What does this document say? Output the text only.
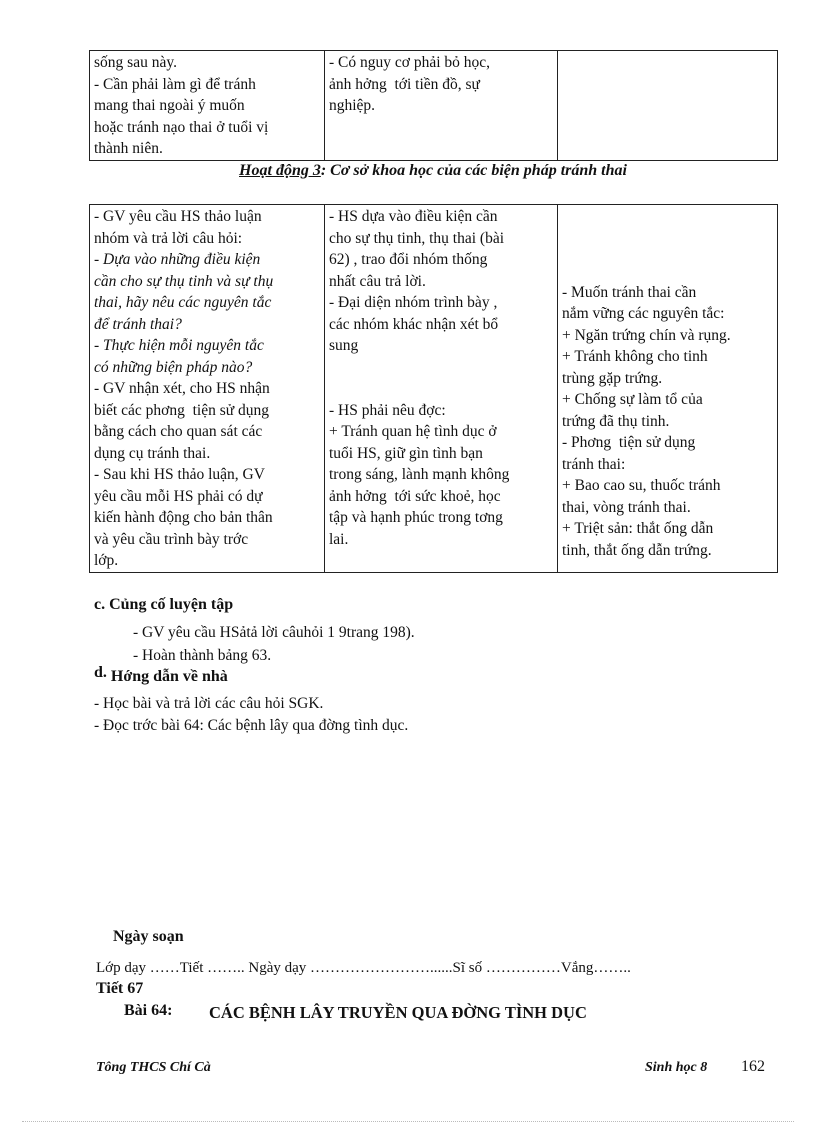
sống sau này.
- Cần phải làm gì để tránh
mang thai ngoài ý muốn
hoặc tránh nạo thai ở tuổi vị
thành niên.

- Có nguy cơ phải bỏ học,
ảnh hởng  tới tiền đồ, sự
nghiệp.

Hoạt động 3: Cơ sở khoa học của các biện pháp tránh thai
- GV yêu cầu HS thảo luận
nhóm và trả lời câu hỏi:
- Dựa vào những điều kiện
cần cho sự thụ tinh và sự thụ
thai, hãy nêu các nguyên tắc
để tránh thai?
- Thực hiện mỗi nguyên tắc
có những biện pháp nào?
- GV nhận xét, cho HS nhận
biết các phơng  tiện sử dụng
bằng cách cho quan sát các
dụng cụ tránh thai.
- Sau khi HS thảo luận, GV
yêu cầu mỗi HS phải có dự
kiến hành động cho bản thân
và yêu cầu trình bày trớc
lớp.

- HS dựa vào điều kiện cần
cho sự thụ tinh, thụ thai (bài
62) , trao đổi nhóm thống
nhất câu trả lời.
- Đại diện nhóm trình bày ,
các nhóm khác nhận xét bổ
sung
- HS phải nêu đợc:
+ Tránh quan hệ tình dục ở
tuổi HS, giữ gìn tình bạn
trong sáng, lành mạnh không
ảnh hởng  tới sức khoẻ, học
tập và hạnh phúc trong tơng
lai.

- Muốn tránh thai cần
nắm vững các nguyên tắc:
+ Ngăn trứng chín và rụng.
+ Tránh không cho tinh
trùng gặp trứng.
+ Chống sự làm tổ của
trứng đã thụ tinh.
- Phơng  tiện sử dụng
tránh thai:
+ Bao cao su, thuốc tránh
thai, vòng tránh thai.
+ Triệt sản: thắt ống dẫn
tinh, thắt ống dẫn trứng.
c. Củng cố luyện tập
- GV yêu cầu HSảtả lời câuhỏi 1 9trang 198).
- Hoàn thành bảng 63.
d. Hớng dẫn về nhà
- Học bài và trả lời các câu hỏi SGK.
- Đọc trớc bài 64: Các bệnh lây qua đờng tình dục.
Ngày soạn
Lớp dạy ……Tiết …….. Ngày dạy ……………………......Sĩ số ……………Vắng……..
Tiết 67
Bài 64: CÁC BỆNH LÂY TRUYỀN QUA ĐỜNG TÌNH DỤC
Tông THCS Chí Cà	Sinh học 8 162
